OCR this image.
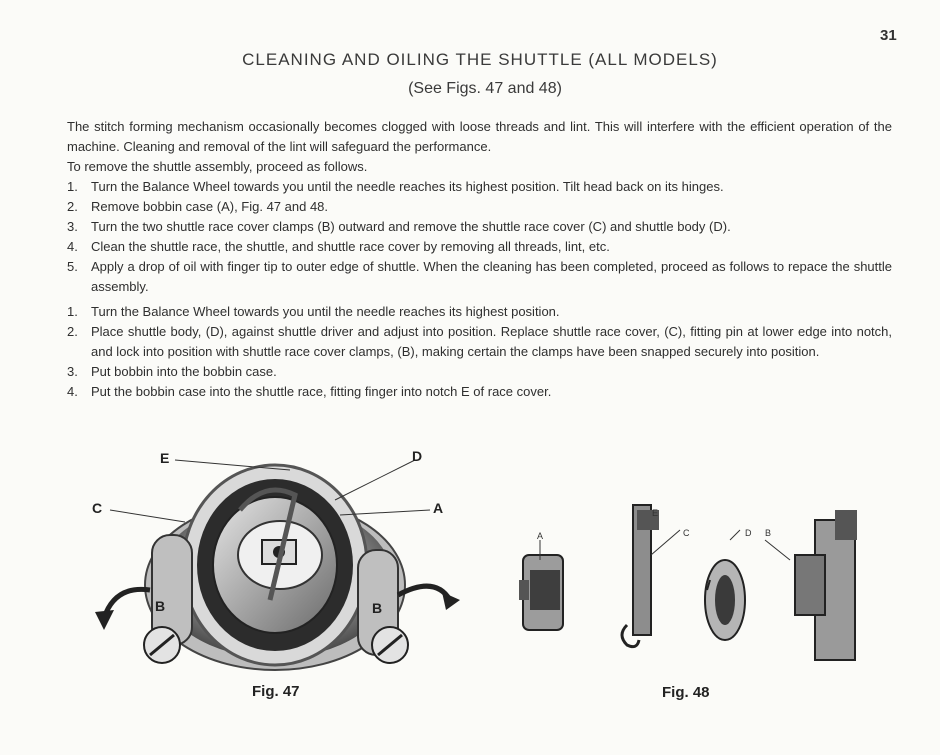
31
CLEANING AND OILING THE SHUTTLE (ALL MODELS)
(See Figs. 47 and 48)

The stitch forming mechanism occasionally becomes clogged with loose threads and lint. This will interfere with the efficient operation of the machine. Cleaning and removal of the lint will safeguard the performance.

To remove the shuttle assembly, proceed as follows.

1. Turn the Balance Wheel towards you until the needle reaches its highest position. Tilt head back on its hinges.
2. Remove bobbin case (A), Fig. 47 and 48.
3. Turn the two shuttle race cover clamps (B) outward and remove the shuttle race cover (C) and shuttle body (D).
4. Clean the shuttle race, the shuttle, and shuttle race cover by removing all threads, lint, etc.
5. Apply a drop of oil with finger tip to outer edge of shuttle. When the cleaning has been completed, proceed as follows to repace the shuttle assembly.
1. Turn the Balance Wheel towards you until the needle reaches its highest position.
2. Place shuttle body, (D), against shuttle driver and adjust into position. Replace shuttle race cover, (C), fitting pin at lower edge into notch, and lock into position with shuttle race cover clamps, (B), making certain the clamps have been snapped securely into position.
3. Put bobbin into the bobbin case.
4. Put the bobbin case into the shuttle race, fitting finger into notch E of race cover.
E	D
C	A
B	B
Fig. 47
A
E
C	D B
Fig. 48
